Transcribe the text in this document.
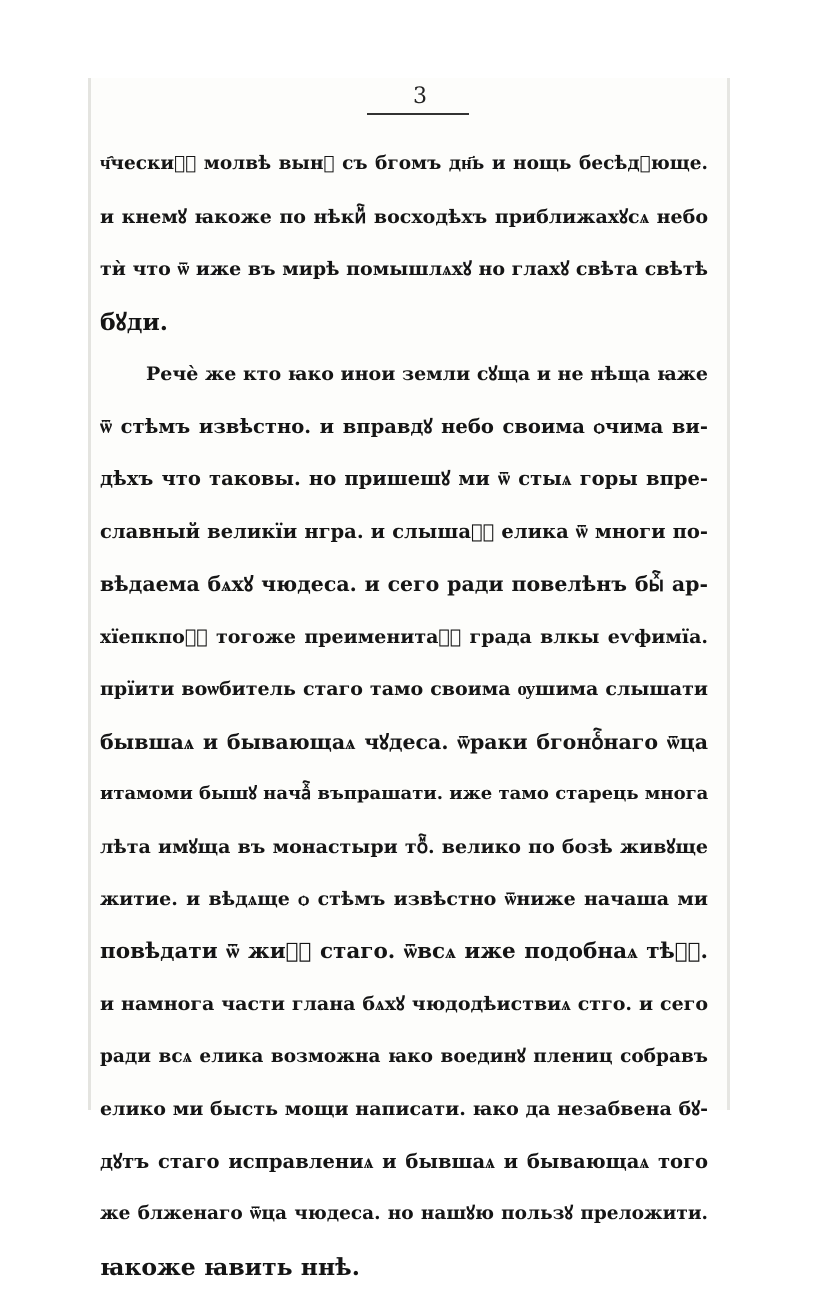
3
ч҄ческиⷨ҇ молвѣ вынꙋ съ бгомъ дн҃ь и нощь бесѣдꙋюще.
и кнемꙋ ꙗкоже по нѣкиⷨ҇ восходѣхъ приближахꙋсѧ небо
тѝ что ѿ иже въ мирѣ помышлѧхꙋ но глахꙋ свѣта свѣтѣ
бꙋди.
Речѐ же кто ꙗко инои земли сꙋща и не нѣща ꙗже
ѿ стѣмъ извѣстно. и вправдꙋ небо своима ѻчима ви-
дѣхъ что таковы. но пришешꙋ ми ѿ стыѧ горы впре-
славный великїи нгра. и слышаⷯ҇ елика ѿ многи по-
вѣдаема бѧхꙋ чюдеса. и сего ради повелѣнъ быⷯ҇ ар-
хїепкпоⷨ҇ тогоже преименитаⷢ҇ града влкы еѵфимїа.
прїити воѡбитель стаго тамо своима ѹшима слышати
бывшаѧ и бывающаѧ чꙋдеса. ѿраки бгоноⷭ҇наго ѿца
итамоми бышꙋ начаⷯ҇ въпрашати. иже тамо старець многа
лѣта имꙋща въ монастыри тоⷨ҇. велико по бозѣ живꙋще
житие. и вѣдѧще ѻ стѣмъ извѣстно ѿниже начаша ми
повѣдати ѿ жиⷮ҇ стаго. ѿвсѧ иже подобнаѧ тѣⷯ҇.
и намнога части глана бѧхꙋ чюдодѣиствиѧ стго. и сего
ради всѧ елика возможна ꙗко воединꙋ плениц собравъ
елико ми бысть мощи написати. ꙗко да незабвена бꙋ-
дꙋтъ стаго исправлениѧ и бывшаѧ и бывающаѧ того
же блженаго ѿца чюдеса. но нашꙋю пользꙋ преложити.
ꙗкоже ꙗвить ннѣ.
